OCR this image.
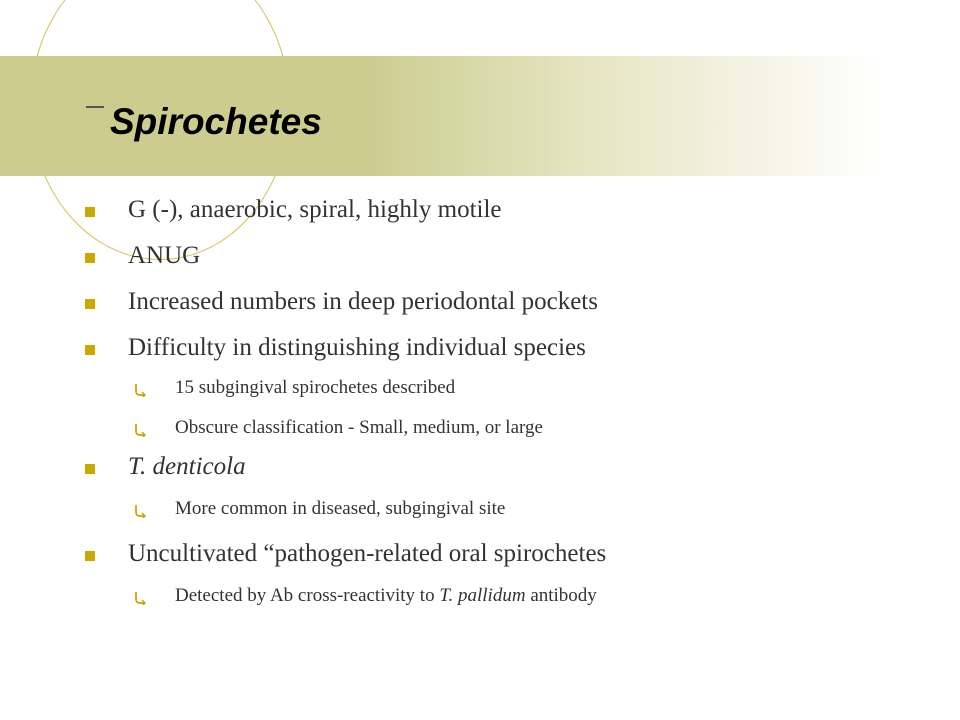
Spirochetes
G (-), anaerobic, spiral, highly motile
ANUG
Increased numbers in deep periodontal pockets
Difficulty in distinguishing individual species
15 subgingival spirochetes described
Obscure classification - Small, medium, or large
T. denticola
More common in diseased, subgingival site
Uncultivated “pathogen-related oral spirochetes
Detected by Ab cross-reactivity to T. pallidum antibody
